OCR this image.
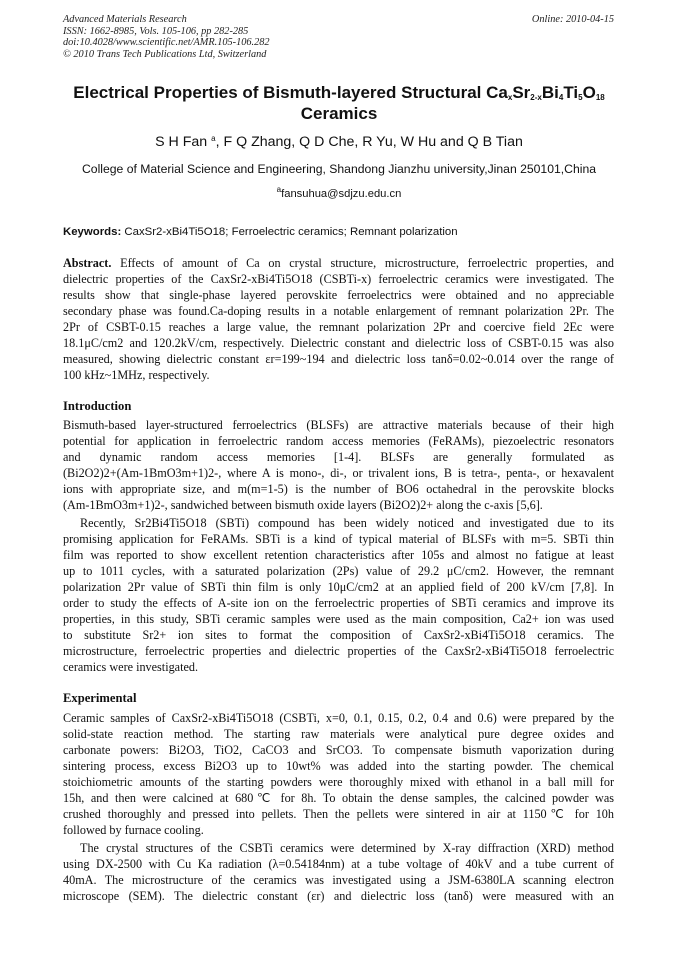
Advanced Materials Research
ISSN: 1662-8985, Vols. 105-106, pp 282-285
doi:10.4028/www.scientific.net/AMR.105-106.282
© 2010 Trans Tech Publications Ltd, Switzerland
Online: 2010-04-15
Electrical Properties of Bismuth-layered Structural $Ca_xSr_{2-x}Bi_4Ti_5O_{18}$
Ceramics
S H Fan $^a$, F Q Zhang, Q D Che, R Yu, W Hu and Q B Tian
College of Material Science and Engineering, Shandong Jianzhu university,Jinan 250101,China
$^a$fansuhua@sdjzu.edu.cn
Keywords: CaxSr2-xBi4Ti5O18; Ferroelectric ceramics; Remnant polarization
Abstract. Effects of amount of Ca on crystal structure, microstructure, ferroelectric properties, and
dielectric properties of the CaxSr2-xBi4Ti5O18 (CSBTi-x) ferroelectric ceramics were investigated. The
results show that single-phase layered perovskite ferroelectrics were obtained and no appreciable
secondary phase was found.Ca-doping results in a notable enlargement of remnant polarization 2Pr. The
2Pr of CSBT-0.15 reaches a large value, the remnant polarization 2Pr and coercive field 2Ec were
18.1μC/cm2 and 120.2kV/cm, respectively. Dielectric constant and dielectric loss of CSBT-0.15 was also
measured, showing dielectric constant εr=199~194 and dielectric loss tanδ=0.02~0.014 over the range of
100 kHz~1MHz, respectively.
Introduction
Bismuth-based layer-structured ferroelectrics (BLSFs) are attractive materials because of their high
potential for application in ferroelectric random access memories (FeRAMs), piezoelectric resonators
and dynamic random access memories [1-4]. BLSFs are generally formulated as
(Bi2O2)2+(Am-1BmO3m+1)2-, where A is mono-, di-, or trivalent ions, B is tetra-, penta-, or hexavalent
ions with appropriate size, and m(m=1-5) is the number of BO6 octahedral in the perovskite blocks
(Am-1BmO3m+1)2-, sandwiched between bismuth oxide layers (Bi2O2)2+ along the c-axis [5,6].
Recently, Sr2Bi4Ti5O18 (SBTi) compound has been widely noticed and investigated due to its
promising application for FeRAMs. SBTi is a kind of typical material of BLSFs with m=5. SBTi thin
film was reported to show excellent retention characteristics after 105s and almost no fatigue at least
up to 1011 cycles, with a saturated polarization (2Ps) value of 29.2 μC/cm2. However, the remnant
polarization 2Pr value of SBTi thin film is only 10μC/cm2 at an applied field of 200 kV/cm [7,8]. In
order to study the effects of A-site ion on the ferroelectric properties of SBTi ceramics and improve its
properties, in this study, SBTi ceramic samples were used as the main composition, Ca2+ ion was used
to substitute Sr2+ ion sites to format the composition of CaxSr2-xBi4Ti5O18 ceramics. The
microstructure, ferroelectric properties and dielectric properties of the CaxSr2-xBi4Ti5O18 ferroelectric
ceramics were investigated.
Experimental
Ceramic samples of CaxSr2-xBi4Ti5O18 (CSBTi, x=0, 0.1, 0.15, 0.2, 0.4 and 0.6) were prepared by the
solid-state reaction method. The starting raw materials were analytical pure degree oxides and
carbonate powers: Bi2O3, TiO2, CaCO3 and SrCO3. To compensate bismuth vaporization during
sintering process, excess Bi2O3 up to 10wt% was added into the starting powder. The chemical
stoichiometric amounts of the starting powders were thoroughly mixed with ethanol in a ball mill for
15h, and then were calcined at 680℃ for 8h. To obtain the dense samples, the calcined powder was
crushed thoroughly and pressed into pellets. Then the pellets were sintered in air at 1150℃ for 10h
followed by furnace cooling.
The crystal structures of the CSBTi ceramics were determined by X-ray diffraction (XRD) method
using DX-2500 with Cu Ka radiation (λ=0.54184nm) at a tube voltage of 40kV and a tube current of
40mA. The microstructure of the ceramics was investigated using a JSM-6380LA scanning electron
microscope (SEM). The dielectric constant (εr) and dielectric loss (tanδ) were measured with an
